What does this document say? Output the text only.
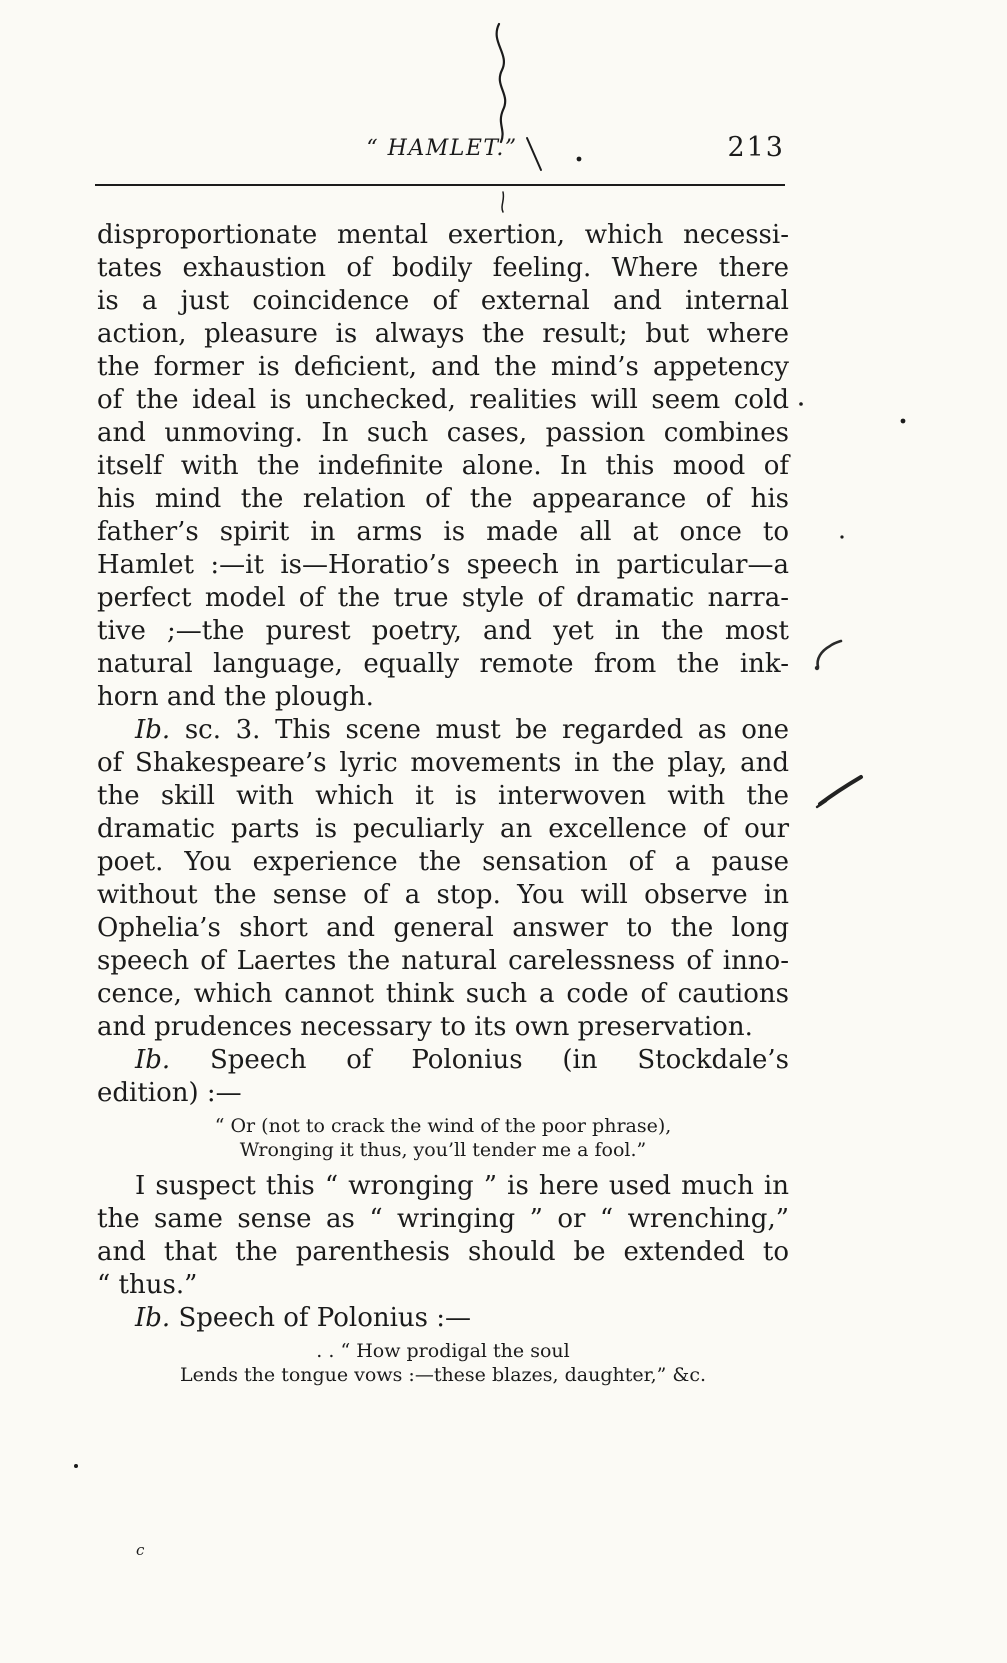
“ HAMLET.”	213
disproportionate mental exertion, which necessi-
tates exhaustion of bodily feeling. Where there
is a just coincidence of external and internal
action, pleasure is always the result; but where
the former is deficient, and the mind’s appetency
of the ideal is unchecked, realities will seem cold
and unmoving. In such cases, passion combines
itself with the indefinite alone. In this mood of
his mind the relation of the appearance of his
father’s spirit in arms is made all at once to
Hamlet :—it is—Horatio’s speech in particular—a
perfect model of the true style of dramatic narra-
tive ;—the purest poetry, and yet in the most
natural language, equally remote from the ink-
horn and the plough.
Ib. sc. 3. This scene must be regarded as one
of Shakespeare’s lyric movements in the play, and
the skill with which it is interwoven with the
dramatic parts is peculiarly an excellence of our
poet. You experience the sensation of a pause
without the sense of a stop. You will observe in
Ophelia’s short and general answer to the long
speech of Laertes the natural carelessness of inno-
cence, which cannot think such a code of cautions
and prudences necessary to its own preservation.
Ib. Speech of Polonius (in Stockdale’s
edition) :—
“ Or (not to crack the wind of the poor phrase),
Wronging it thus, you’ll tender me a fool.”
I suspect this “ wronging ” is here used much in
the same sense as “ wringing ” or “ wrenching,”
and that the parenthesis should be extended to
“ thus.”
Ib. Speech of Polonius :—
. . “ How prodigal the soul
Lends the tongue vows :—these blazes, daughter,” &c.
c
